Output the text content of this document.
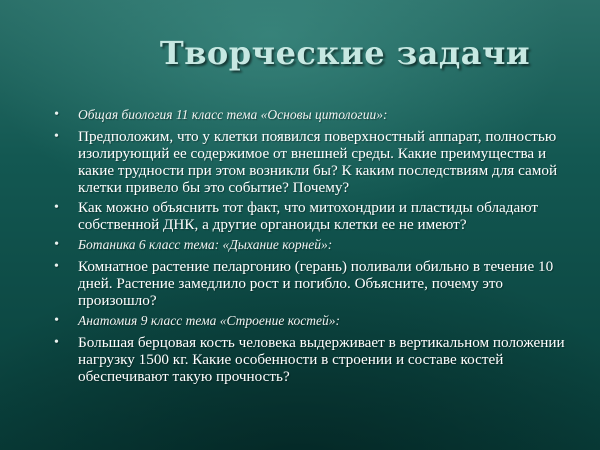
Творческие задачи
•	Общая биология 11 класс тема «Основы цитологии»:
•	Предположим, что у клетки появился поверхностный аппарат, полностью изолирующий ее содержимое от внешней среды. Какие преимущества и какие трудности при этом возникли бы? К каким последствиям для самой клетки привело бы это событие? Почему?
•	Как можно объяснить тот факт, что митохондрии и пластиды обладают собственной ДНК, а другие органоиды клетки ее не имеют?
•	Ботаника 6 класс тема: «Дыхание корней»:
•	Комнатное растение пеларгонию (герань) поливали обильно в течение 10 дней. Растение замедлило рост и погибло. Объясните, почему это произошло?
•	Анатомия 9 класс тема «Строение костей»:
•	Большая берцовая кость человека выдерживает в вертикальном положении нагрузку 1500 кг. Какие особенности в строении и составе костей обеспечивают такую прочность?
